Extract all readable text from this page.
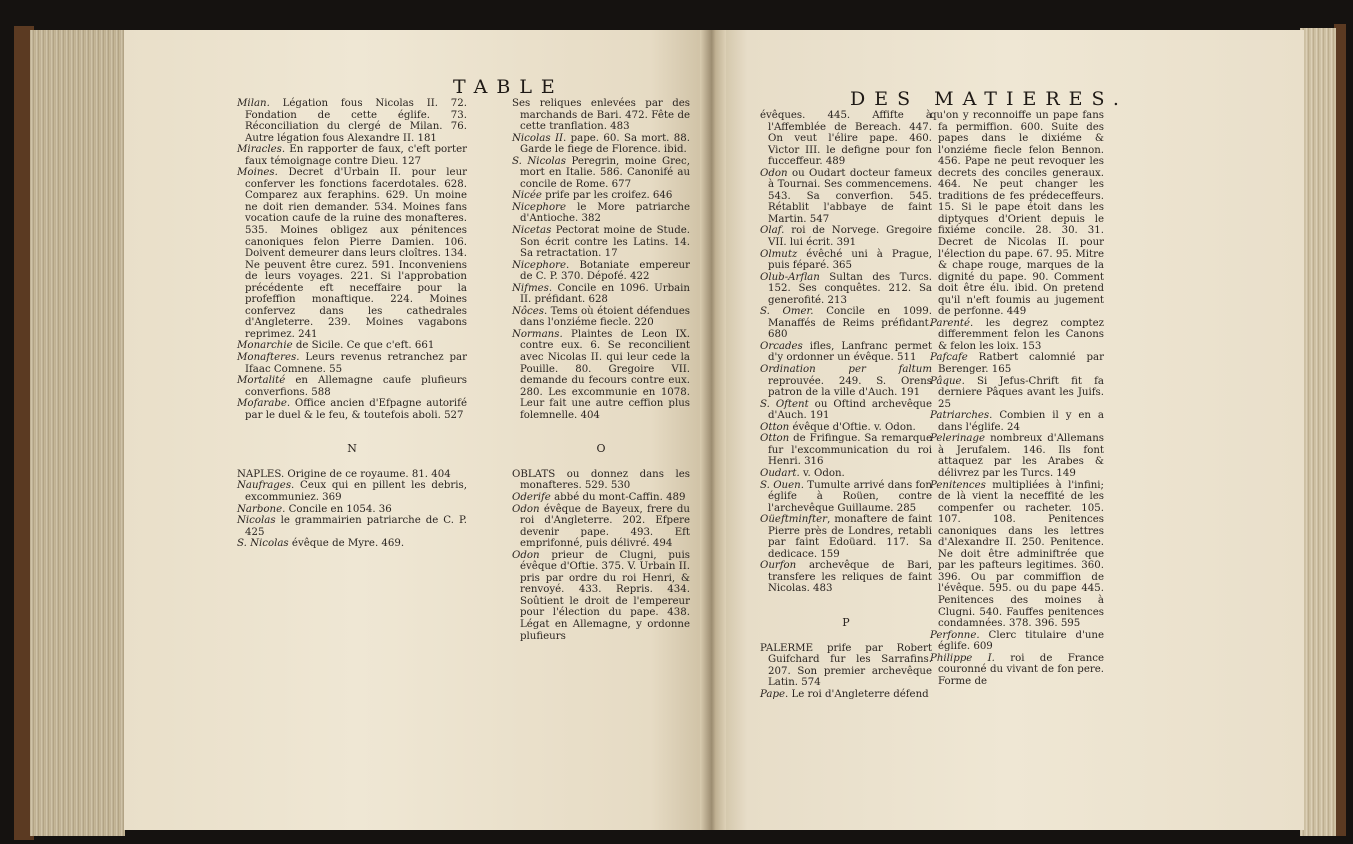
TABLE
DES MATIERES.

Milan. Légation fous Nicolas II. 72. Fondation de cette églife. 73. Réconciliation du clergé de Milan. 76. Autre légation fous Alexandre II. 181

Miracles. En rapporter de faux, c'eft porter faux témoignage contre Dieu. 127

Moines. Decret d'Urbain II. pour leur conferver les fonctions facerdotales. 628. Comparez aux feraphins. 629. Un moine ne doit rien demander. 534. Moines fans vocation caufe de la ruine des monafteres. 535. Moines obligez aux pénitences canoniques felon Pierre Damien. 106. Doivent demeurer dans leurs cloîtres. 134. Ne peuvent être curez. 591. Inconveniens de leurs voyages. 221. Si l'approbation précédente eft neceffaire pour la profeffion monaftique. 224. Moines confervez dans les cathedrales d'Angleterre. 239. Moines vagabons reprimez. 241

Monarchie de Sicile. Ce que c'eft. 661

Monafteres. Leurs revenus retranchez par Ifaac Comnene. 55

Mortalité en Allemagne caufe plufieurs converfions. 588

Mofarabe. Office ancien d'Efpagne autorifé par le duel & le feu, & toutefois aboli. 527

N

NAPLES. Origine de ce royaume. 81. 404

Naufrages. Ceux qui en pillent les debris, excommuniez. 369

Narbone. Concile en 1054. 36

Nicolas le grammairien patriarche de C. P. 425

S. Nicolas évêque de Myre. 469.

Ses reliques enlevées par des marchands de Bari. 472. Fête de cette tranflation. 483

Nicolas II. pape. 60. Sa mort. 88. Garde le fiege de Florence. ibid.

S. Nicolas Peregrin, moine Grec, mort en Italie. 586. Canonifé au concile de Rome. 677

Nicée prife par les croifez. 646

Nicephore le More patriarche d'Antioche. 382

Nicetas Pectorat moine de Stude. Son écrit contre les Latins. 14. Sa retractation. 17

Nicephore. Botaniate empereur de C. P. 370. Dépofé. 422

Nifmes. Concile en 1096. Urbain II. préfidant. 628

Nôces. Tems où étoient défendues dans l'onziéme fiecle. 220

Normans. Plaintes de Leon IX. contre eux. 6. Se reconcilient avec Nicolas II. qui leur cede la Pouille. 80. Gregoire VII. demande du fecours contre eux. 280. Les excommunie en 1078. Leur fait une autre ceffion plus folemnelle. 404

O

OBLATS ou donnez dans les monafteres. 529. 530

Oderife abbé du mont-Caffin. 489

Odon évêque de Bayeux, frere du roi d'Angleterre. 202. Efpere devenir pape. 493. Eft emprifonné, puis délivré. 494

Odon prieur de Clugni, puis évêque d'Oftie. 375. V. Urbain II. pris par ordre du roi Henri, & renvoyé. 433. Repris. 434. Soûtient le droit de l'empereur pour l'élection du pape. 438. Légat en Allemagne, y ordonne plufieurs

évêques. 445. Affifte à l'Affemblée de Bereach. 447. On veut l'élire pape. 460. Victor III. le defigne pour fon fucceffeur. 489

Odon ou Oudart docteur fameux à Tournai. Ses commencemens. 543. Sa converfion. 545. Rétablit l'abbaye de faint Martin. 547

Olaf. roi de Norvege. Gregoire VII. lui écrit. 391

Olmutz évêché uni à Prague, puis féparé. 365

Olub-Arflan Sultan des Turcs. 152. Ses conquêtes. 212. Sa generofité. 213

S. Omer. Concile en 1099. Manaffés de Reims préfidant. 680

Orcades ifles, Lanfranc permet d'y ordonner un évêque. 511

Ordination per faltum reprouvée. 249. S. Orens patron de la ville d'Auch. 191

S. Oftent ou Oftind archevêque d'Auch. 191

Otton évêque d'Oftie. v. Odon.

Otton de Frifingue. Sa remarque fur l'excommunication du roi Henri. 316

Oudart. v. Odon.

S. Ouen. Tumulte arrivé dans fon églife à Roüen, contre l'archevêque Guillaume. 285

Oüeftminfter, monaftere de faint Pierre près de Londres, retabli par faint Edoüard. 117. Sa dedicace. 159

Ourfon archevêque de Bari, transfere les reliques de faint Nicolas. 483

P

PALERME prife par Robert Guifchard fur les Sarrafins. 207. Son premier archevêque Latin. 574

Pape. Le roi d'Angleterre défend

qu'on y reconnoiffe un pape fans fa permiffion. 600. Suite des papes dans le dixiéme & l'onziéme fiecle felon Bennon. 456. Pape ne peut revoquer les decrets des conciles generaux. 464. Ne peut changer les traditions de fes prédeceffeurs. 15. Si le pape étoit dans les diptyques d'Orient depuis le fixiéme concile. 28. 30. 31. Decret de Nicolas II. pour l'élection du pape. 67. 95. Mitre & chape rouge, marques de la dignité du pape. 90. Comment doit être élu. ibid. On pretend qu'il n'eft foumis au jugement de perfonne. 449

Parenté. les degrez comptez differemment felon les Canons & felon les loix. 153

Pafcafe Ratbert calomnié par Berenger. 165

Pâque. Si Jefus-Chrift fit fa derniere Pâques avant les Juifs. 25

Patriarches. Combien il y en a dans l'églife. 24

Pelerinage nombreux d'Allemans à Jerufalem. 146. Ils font attaquez par les Arabes & délivrez par les Turcs. 149

Penitences multipliées à l'infini; de là vient la neceffité de les compenfer ou racheter. 105. 107. 108. Penitences canoniques dans les lettres d'Alexandre II. 250. Penitence. Ne doit être adminiftrée que par les pafteurs legitimes. 360. 396. Ou par commiffion de l'évêque. 595. ou du pape 445. Penitences des moines à Clugni. 540. Fauffes penitences condamnées. 378. 396. 595

Perfonne. Clerc titulaire d'une églife. 609

Philippe I. roi de France couronné du vivant de fon pere. Forme de
